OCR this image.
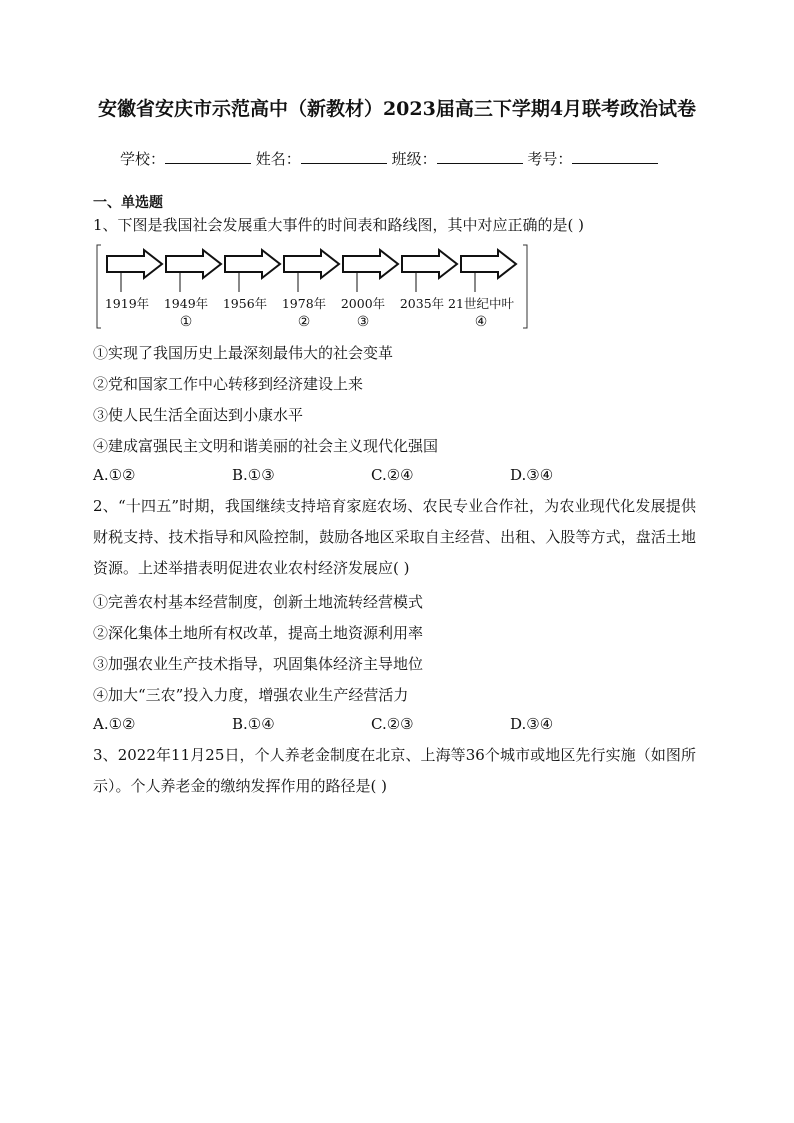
安徽省安庆市示范高中（新教材）2023届高三下学期4月联考政治试卷
学校：	姓名：	班级：	考号：
一、单选题
1、下图是我国社会发展重大事件的时间表和路线图，其中对应正确的是( )
1919年 1949年 1956年 1978年 2000年 2035年 21世纪中叶
①	②	③	④
①实现了我国历史上最深刻最伟大的社会变革
②党和国家工作中心转移到经济建设上来
③使人民生活全面达到小康水平
④建成富强民主文明和谐美丽的社会主义现代化强国
A.①②	B.①③	C.②④	D.③④
2、“十四五”时期，我国继续支持培育家庭农场、农民专业合作社，为农业现代化发展提供财税支持、技术指导和风险控制，鼓励各地区采取自主经营、出租、入股等方式，盘活土地资源。上述举措表明促进农业农村经济发展应( )
①完善农村基本经营制度，创新土地流转经营模式
②深化集体土地所有权改革，提高土地资源利用率
③加强农业生产技术指导，巩固集体经济主导地位
④加大“三农”投入力度，增强农业生产经营活力
A.①②	B.①④	C.②③	D.③④
3、2022年11月25日，个人养老金制度在北京、上海等36个城市或地区先行实施（如图所示）。个人养老金的缴纳发挥作用的路径是( )
